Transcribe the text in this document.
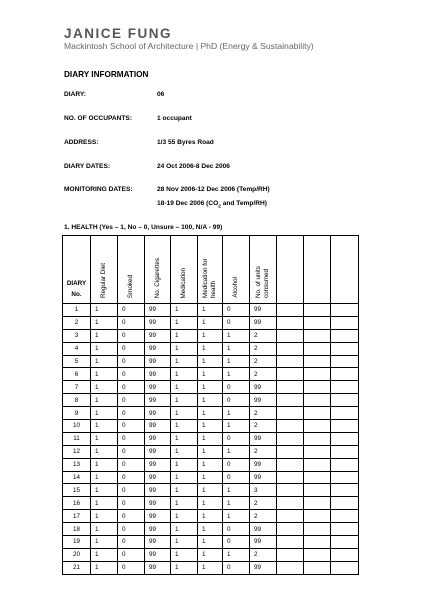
JANICE FUNG
Mackintosh School of Architecture | PhD (Energy & Sustainability)
DIARY INFORMATION
DIARY:	06
NO. OF OCCUPANTS:	1 occupant
ADDRESS:	1/3 55 Byres Road
DIARY DATES:	24 Oct 2006-8 Dec 2006
MONITORING DATES:	28 Nov 2006-12 Dec 2006 (Temp/RH)
18-19 Dec 2006 ($CO_2$ and Temp/RH)
1. HEALTH (Yes – 1, No – 0, Unsure – 100, N/A - 99)
DIARY
No.	Regular Diet	Smoked	No. Cigarettes	Medication	Medication for health	Alcohol	No. of units consumed			
1	1	0	99	1	1	0	99			
2	1	0	99	1	1	0	99			
3	1	0	99	1	1	1	2			
4	1	0	99	1	1	1	2			
5	1	0	99	1	1	1	2			
6	1	0	99	1	1	1	2			
7	1	0	99	1	1	0	99			
8	1	0	99	1	1	0	99			
9	1	0	99	1	1	1	2			
10	1	0	99	1	1	1	2			
11	1	0	99	1	1	0	99			
12	1	0	99	1	1	1	2			
13	1	0	99	1	1	0	99			
14	1	0	99	1	1	0	99			
15	1	0	99	1	1	1	3			
16	1	0	99	1	1	1	2			
17	1	0	99	1	1	1	2			
18	1	0	99	1	1	0	99			
19	1	0	99	1	1	0	99			
20	1	0	99	1	1	1	2			
21	1	0	99	1	1	0	99			
